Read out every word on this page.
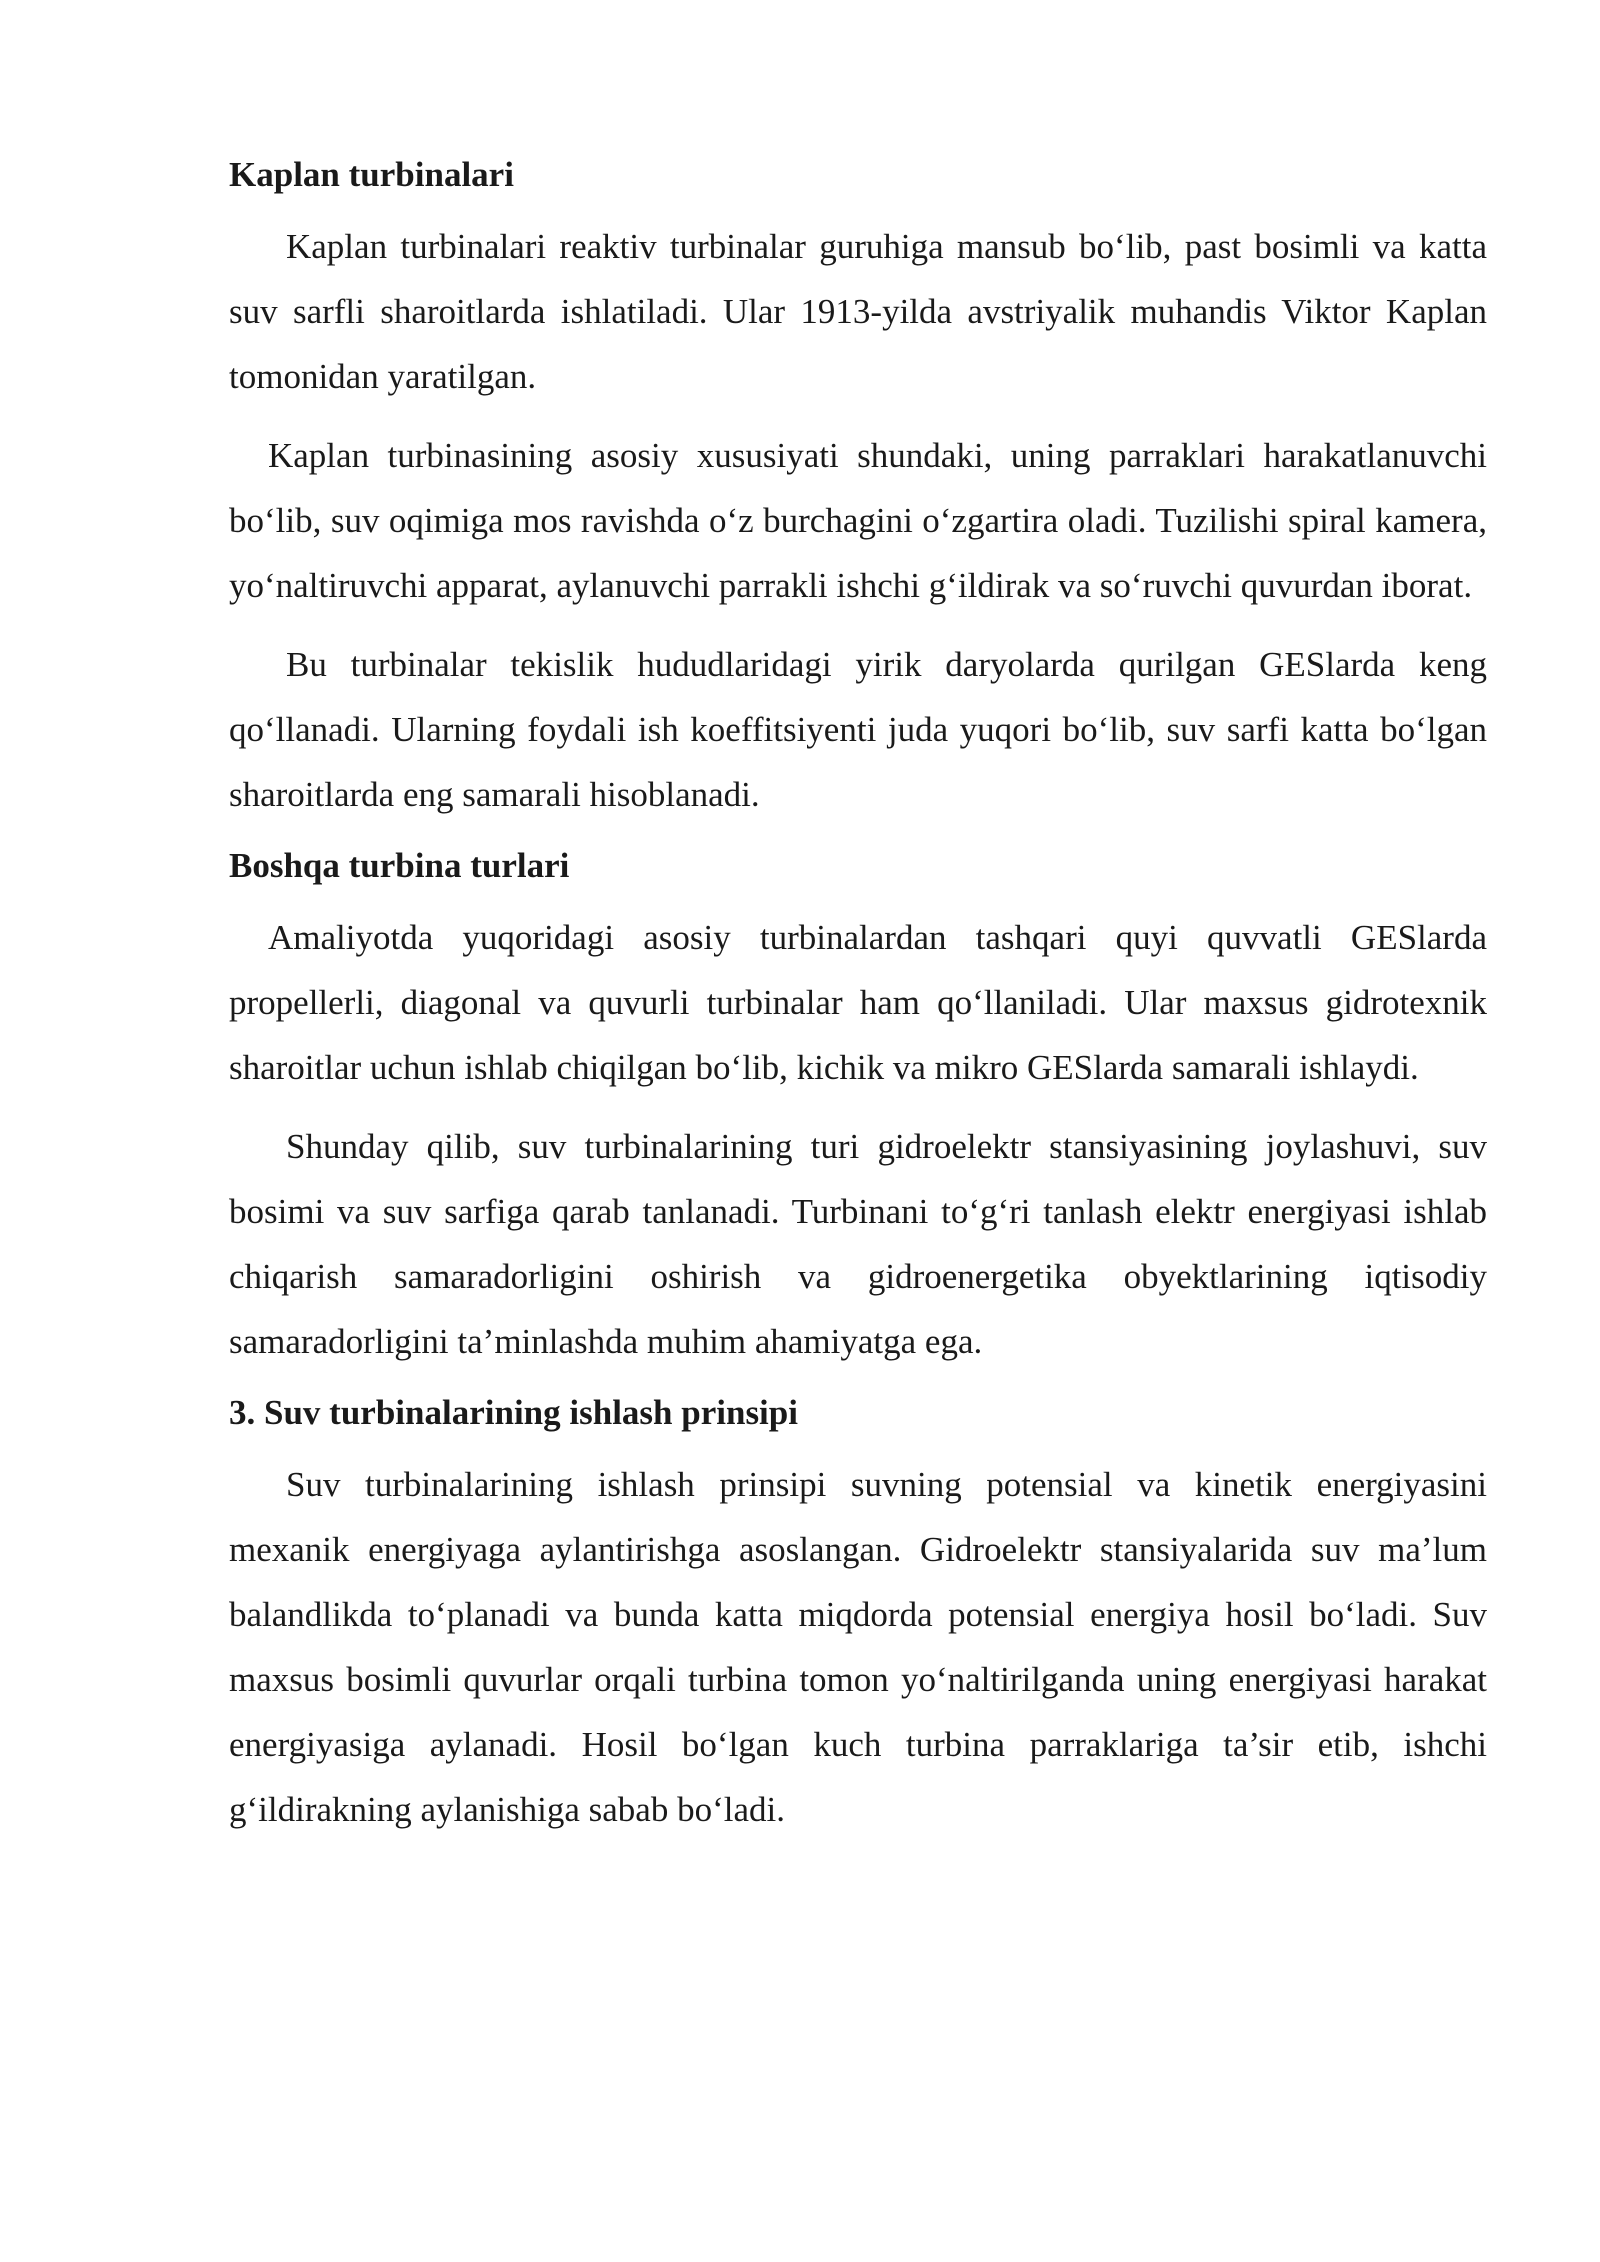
Kaplan turbinalari

Kaplan turbinalari reaktiv turbinalar guruhiga mansub bo‘lib, past bosimli va katta suv sarfli sharoitlarda ishlatiladi. Ular 1913-yilda avstriyalik muhandis Viktor Kaplan tomonidan yaratilgan.

Kaplan turbinasining asosiy xususiyati shundaki, uning parraklari harakatlanuvchi bo‘lib, suv oqimiga mos ravishda o‘z burchagini o‘zgartira oladi. Tuzilishi spiral kamera, yo‘naltiruvchi apparat, aylanuvchi parrakli ishchi g‘ildirak va so‘ruvchi quvurdan iborat.

Bu turbinalar tekislik hududlaridagi yirik daryolarda qurilgan GESlarda keng qo‘llanadi. Ularning foydali ish koeffitsiyenti juda yuqori bo‘lib, suv sarfi katta bo‘lgan sharoitlarda eng samarali hisoblanadi.

Boshqa turbina turlari

Amaliyotda yuqoridagi asosiy turbinalardan tashqari quyi quvvatli GESlarda propellerli, diagonal va quvurli turbinalar ham qo‘llaniladi. Ular maxsus gidrotexnik sharoitlar uchun ishlab chiqilgan bo‘lib, kichik va mikro GESlarda samarali ishlaydi.

Shunday qilib, suv turbinalarining turi gidroelektr stansiyasining joylashuvi, suv bosimi va suv sarfiga qarab tanlanadi. Turbinani to‘g‘ri tanlash elektr energiyasi ishlab chiqarish samaradorligini oshirish va gidroenergetika obyektlarining iqtisodiy samaradorligini ta’minlashda muhim ahamiyatga ega.

3. Suv turbinalarining ishlash prinsipi

Suv turbinalarining ishlash prinsipi suvning potensial va kinetik energiyasini mexanik energiyaga aylantirishga asoslangan. Gidroelektr stansiyalarida suv ma’lum balandlikda to‘planadi va bunda katta miqdorda potensial energiya hosil bo‘ladi. Suv maxsus bosimli quvurlar orqali turbina tomon yo‘naltirilganda uning energiyasi harakat energiyasiga aylanadi. Hosil bo‘lgan kuch turbina parraklariga ta’sir etib, ishchi g‘ildirakning aylanishiga sabab bo‘ladi.
